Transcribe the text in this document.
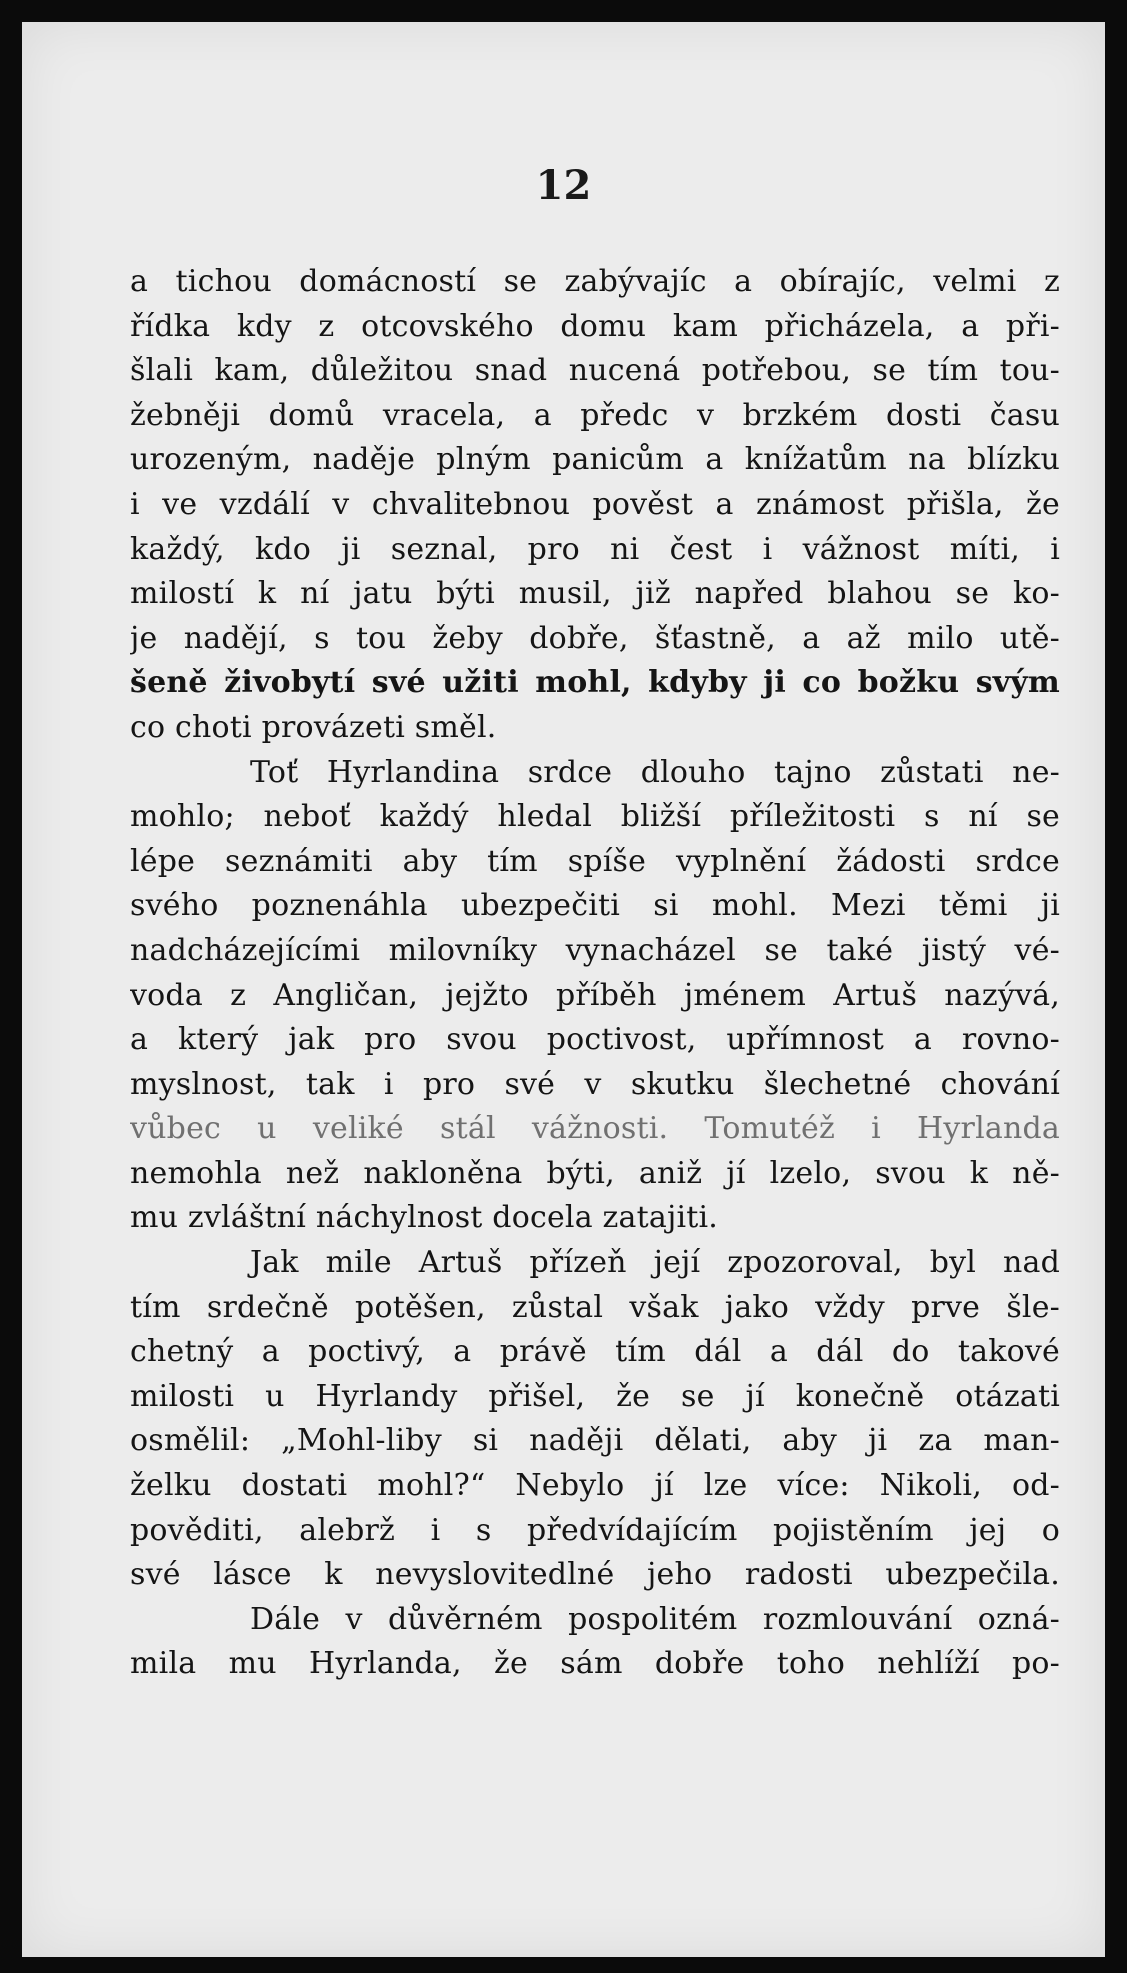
12
a tichou domácností se zabývajíc a obírajíc, velmi z
řídka kdy z otcovského domu kam přicházela, a při-
šlali kam, důležitou snad nucená potřebou, se tím tou-
žebněji domů vracela, a předc v brzkém dosti času
urozeným, naděje plným panicům a knížatům na blízku
i ve vzdálí v chvalitebnou pověst a známost přišla, že
každý, kdo ji seznal, pro ni čest i vážnost míti, i
milostí k ní jatu býti musil, již napřed blahou se ko-
je nadějí, s tou žeby dobře, šťastně, a až milo utě-
šeně živobytí své užiti mohl, kdyby ji co božku svým
co choti provázeti směl.
Toť Hyrlandina srdce dlouho tajno zůstati ne-
mohlo; neboť každý hledal bližší příležitosti s ní se
lépe seznámiti aby tím spíše vyplnění žádosti srdce
svého poznenáhla ubezpečiti si mohl. Mezi těmi ji
nadcházejícími milovníky vynacházel se také jistý vé-
voda z Angličan, jejžto příběh jménem Artuš nazývá,
a který jak pro svou poctivost, upřímnost a rovno-
myslnost, tak i pro své v skutku šlechetné chování
vůbec u veliké stál vážnosti. Tomutéž i Hyrlanda
nemohla než nakloněna býti, aniž jí lzelo, svou k ně-
mu zvláštní náchylnost docela zatajiti.
Jak mile Artuš přízeň její zpozoroval, byl nad
tím srdečně potěšen, zůstal však jako vždy prve šle-
chetný a poctivý, a právě tím dál a dál do takové
milosti u Hyrlandy přišel, že se jí konečně otázati
osmělil: „Mohl-liby si naději dělati, aby ji za man-
želku dostati mohl?“ Nebylo jí lze více: Nikoli, od-
pověditi, alebrž i s předvídajícím pojistěním jej o
své lásce k nevyslovitedlné jeho radosti ubezpečila.
Dále v důvěrném pospolitém rozmlouvání ozná-
mila mu Hyrlanda, že sám dobře toho nehlíží po-
